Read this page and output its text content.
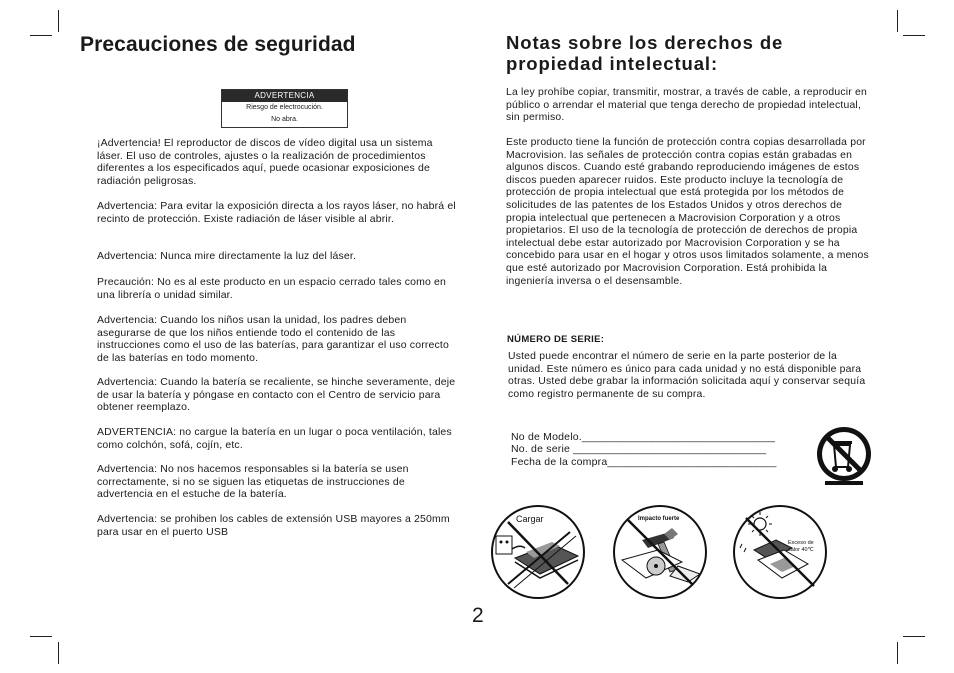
Precauciones de seguridad
ADVERTENCIA
Riesgo de electrocución.
No abra.

¡Advertencia! El reproductor de discos de vídeo digital usa un sistema láser. El uso de controles, ajustes o la realización de procedimientos diferentes a los especificados aquí, puede ocasionar exposiciones de radiación peligrosas.

Advertencia: Para evitar la exposición directa a los rayos láser, no habrá el recinto de protección. Existe radiación de láser visible al abrir.

Advertencia: Nunca mire directamente la luz del láser.

Precaución: No es al este producto en un espacio cerrado tales como en una librería o unidad similar.

Advertencia: Cuando los niños usan la unidad, los padres deben asegurarse de que los niños entiende todo el contenido de las instrucciones como el uso de las baterías, para garantizar el uso correcto de las baterías en todo momento.

Advertencia: Cuando la batería se recaliente, se hinche severamente, deje de usar la batería y póngase en contacto con el Centro de servicio para obtener reemplazo.

ADVERTENCIA: no cargue la batería en un lugar o poca ventilación, tales como colchón, sofá, cojín, etc.

Advertencia: No nos hacemos responsables si la batería se usen correctamente, si no se siguen las etiquetas de instrucciones de advertencia en el estuche de la batería.

Advertencia: se prohiben los cables de extensión USB mayores a 250mm para usar en el puerto USB

Notas sobre los derechos de
propiedad intelectual:

La ley prohíbe copiar, transmitir, mostrar, a través de cable, a reproducir en público o arrendar el material que tenga derecho de propiedad intelectual, sin permiso.

Este producto tiene la función de protección contra copias desarrollada por Macrovision. las señales de protección contra copias están grabadas en algunos discos. Cuando esté grabando reproduciendo imágenes de estos discos pueden aparecer ruidos. Este producto incluye la tecnología de protección de propia intelectual que está protegida por los métodos de solicitudes de las patentes de los Estados Unidos y otros derechos de propia intelectual que pertenecen a Macrovision Corporation y a otros propietarios. El uso de la tecnología de protección de derechos de propia intelectual debe estar autorizado por Macrovision Corporation y se ha concebido para usar en el hogar y otros usos limitados solamente, a menos que esté autorizado por Macrovision Corporation. Está prohibida la ingeniería inversa o el desensamble.

NÚMERO DE SERIE:

Usted puede encontrar el número de serie en la parte posterior de la unidad. Este número es único para cada unidad y no está disponible para otras. Usted debe grabar la información solicitada aquí y conservar sequía como registro permanente de su compra.

No de Modelo.________________________________
No. de serie ________________________________
Fecha de la compra____________________________
Cargar	Impacto fuerte
Exceso de
calor 40℃
2
